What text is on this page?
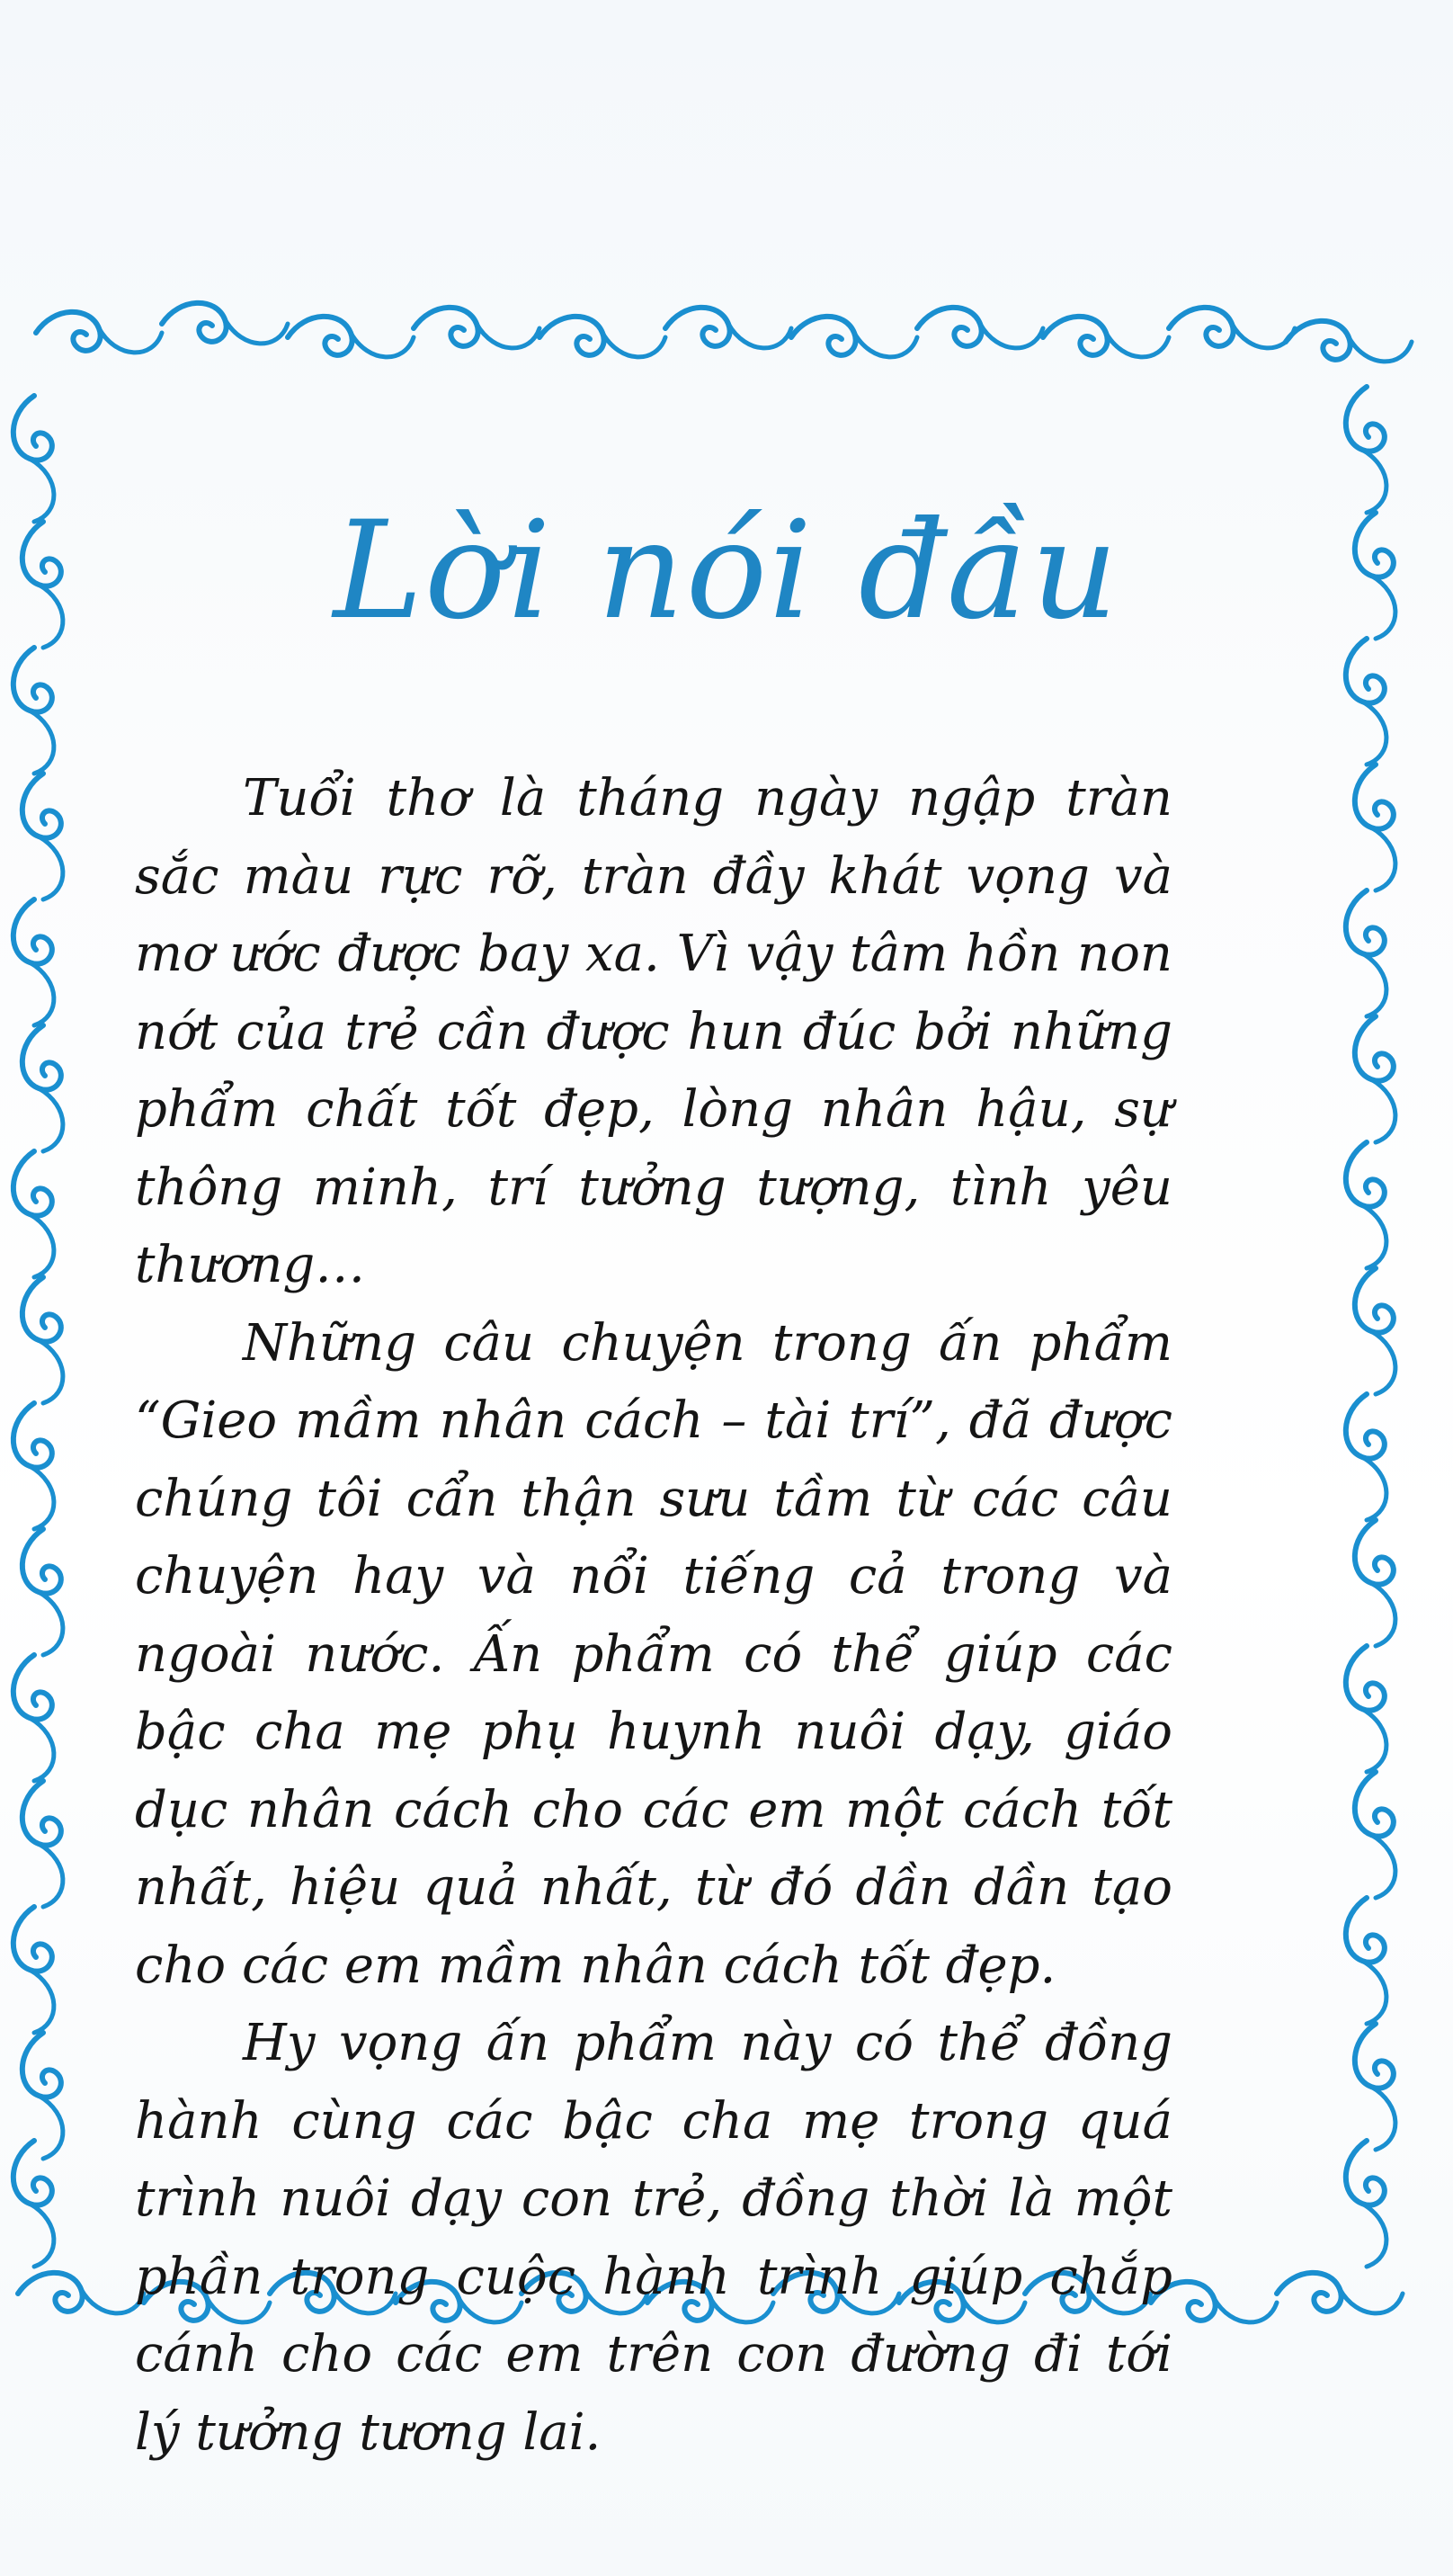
Lời nói đầu

Tuổi thơ là tháng ngày ngập tràn sắc màu rực rỡ, tràn đầy khát vọng và mơ ước được bay xa. Vì vậy tâm hồn non nớt của trẻ cần được hun đúc bởi những phẩm chất tốt đẹp, lòng nhân hậu, sự thông minh, trí tưởng tượng, tình yêu thương…

Những câu chuyện trong ấn phẩm “Gieo mầm nhân cách – tài trí”, đã được chúng tôi cẩn thận sưu tầm từ các câu chuyện hay và nổi tiếng cả trong và ngoài nước. Ấn phẩm có thể giúp các bậc cha mẹ phụ huynh nuôi dạy, giáo dục nhân cách cho các em một cách tốt nhất, hiệu quả nhất, từ đó dần dần tạo cho các em mầm nhân cách tốt đẹp.

Hy vọng ấn phẩm này có thể đồng hành cùng các bậc cha mẹ trong quá trình nuôi dạy con trẻ, đồng thời là một phần trong cuộc hành trình giúp chắp cánh cho các em trên con đường đi tới lý tưởng tương lai.
